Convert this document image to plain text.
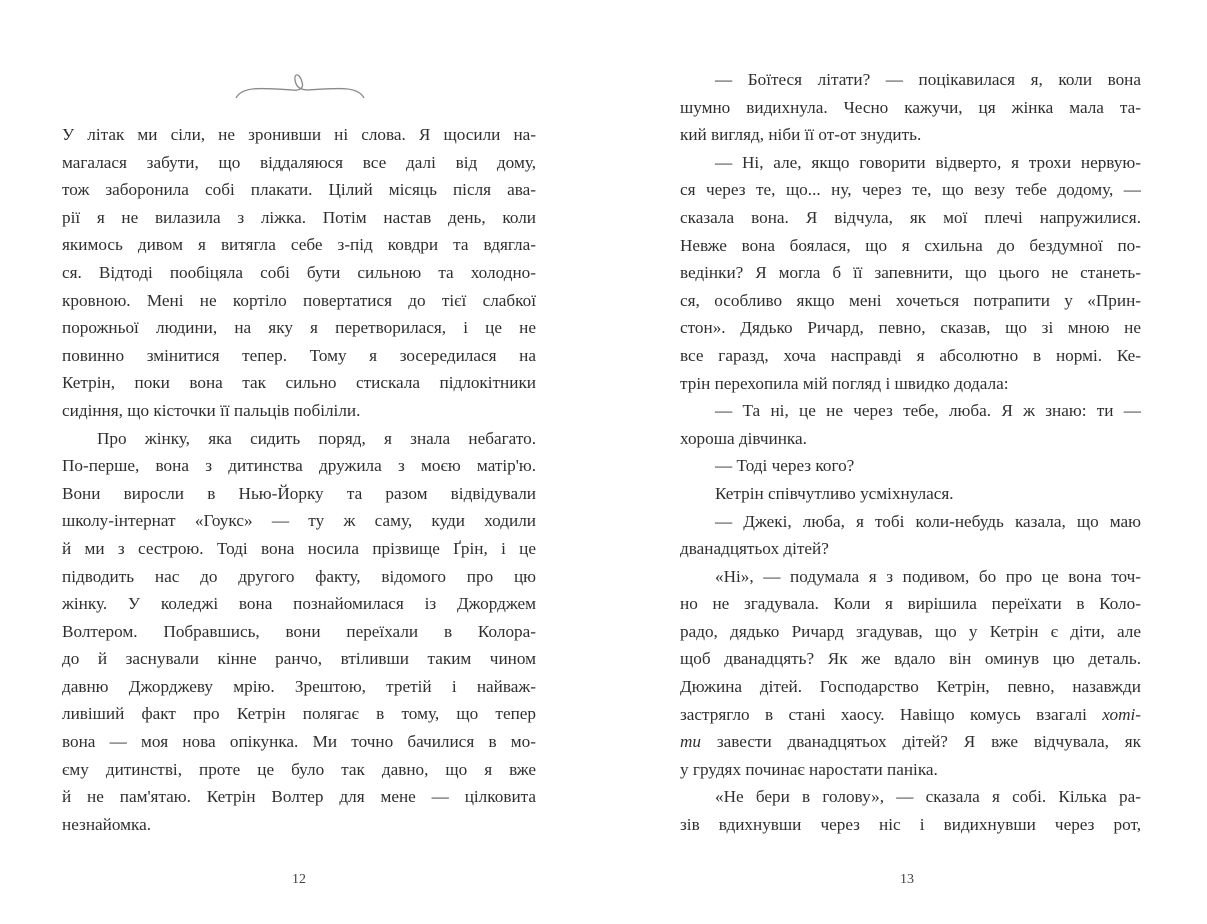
У літак ми сіли, не зронивши ні слова. Я щосили на-
магалася забути, що віддаляюся все далі від дому,
тож заборонила собі плакати. Цілий місяць після ава-
рії я не вилазила з ліжка. Потім настав день, коли
якимось дивом я витягла себе з-під ковдри та вдягла-
ся. Відтоді пообіцяла собі бути сильною та холодно-
кровною. Мені не кортіло повертатися до тієї слабкої
порожньої людини, на яку я перетворилася, і це не
повинно змінитися тепер. Тому я зосередилася на
Кетрін, поки вона так сильно стискала підлокітники
сидіння, що кісточки її пальців побіліли.
Про жінку, яка сидить поряд, я знала небагато.
По-перше, вона з дитинства дружила з моєю матір'ю.
Вони виросли в Нью-Йорку та разом відвідували
школу-інтернат «Гоукс» — ту ж саму, куди ходили
й ми з сестрою. Тоді вона носила прізвище Ґрін, і це
підводить нас до другого факту, відомого про цю
жінку. У коледжі вона познайомилася із Джорджем
Волтером. Побравшись, вони переїхали в Колора-
до й заснували кінне ранчо, втіливши таким чином
давню Джорджеву мрію. Зрештою, третій і найваж-
ливіший факт про Кетрін полягає в тому, що тепер
вона — моя нова опікунка. Ми точно бачилися в мо-
єму дитинстві, проте це було так давно, що я вже
й не пам'ятаю. Кетрін Волтер для мене — цілковита
незнайомка.
— Боїтеся літати? — поцікавилася я, коли вона
шумно видихнула. Чесно кажучи, ця жінка мала та-
кий вигляд, ніби її от-от знудить.
— Ні, але, якщо говорити відверто, я трохи нервую-
ся через те, що... ну, через те, що везу тебе додому, —
сказала вона. Я відчула, як мої плечі напружилися.
Невже вона боялася, що я схильна до бездумної по-
ведінки? Я могла б її запевнити, що цього не станеть-
ся, особливо якщо мені хочеться потрапити у «Прин-
стон». Дядько Ричард, певно, сказав, що зі мною не
все гаразд, хоча насправді я абсолютно в нормі. Ке-
трін перехопила мій погляд і швидко додала:
— Та ні, це не через тебе, люба. Я ж знаю: ти —
хороша дівчинка.
— Тоді через кого?
Кетрін співчутливо усміхнулася.
— Джекі, люба, я тобі коли-небудь казала, що маю
дванадцятьох дітей?
«Ні», — подумала я з подивом, бо про це вона точ-
но не згадувала. Коли я вирішила переїхати в Коло-
радо, дядько Ричард згадував, що у Кетрін є діти, але
щоб дванадцять? Як же вдало він оминув цю деталь.
Дюжина дітей. Господарство Кетрін, певно, назавжди
застрягло в стані хаосу. Навіщо комусь взагалі хоті-
ти завести дванадцятьох дітей? Я вже відчувала, як
у грудях починає наростати паніка.
«Не бери в голову», — сказала я собі. Кілька ра-
зів вдихнувши через ніс і видихнувши через рот,
12	13
